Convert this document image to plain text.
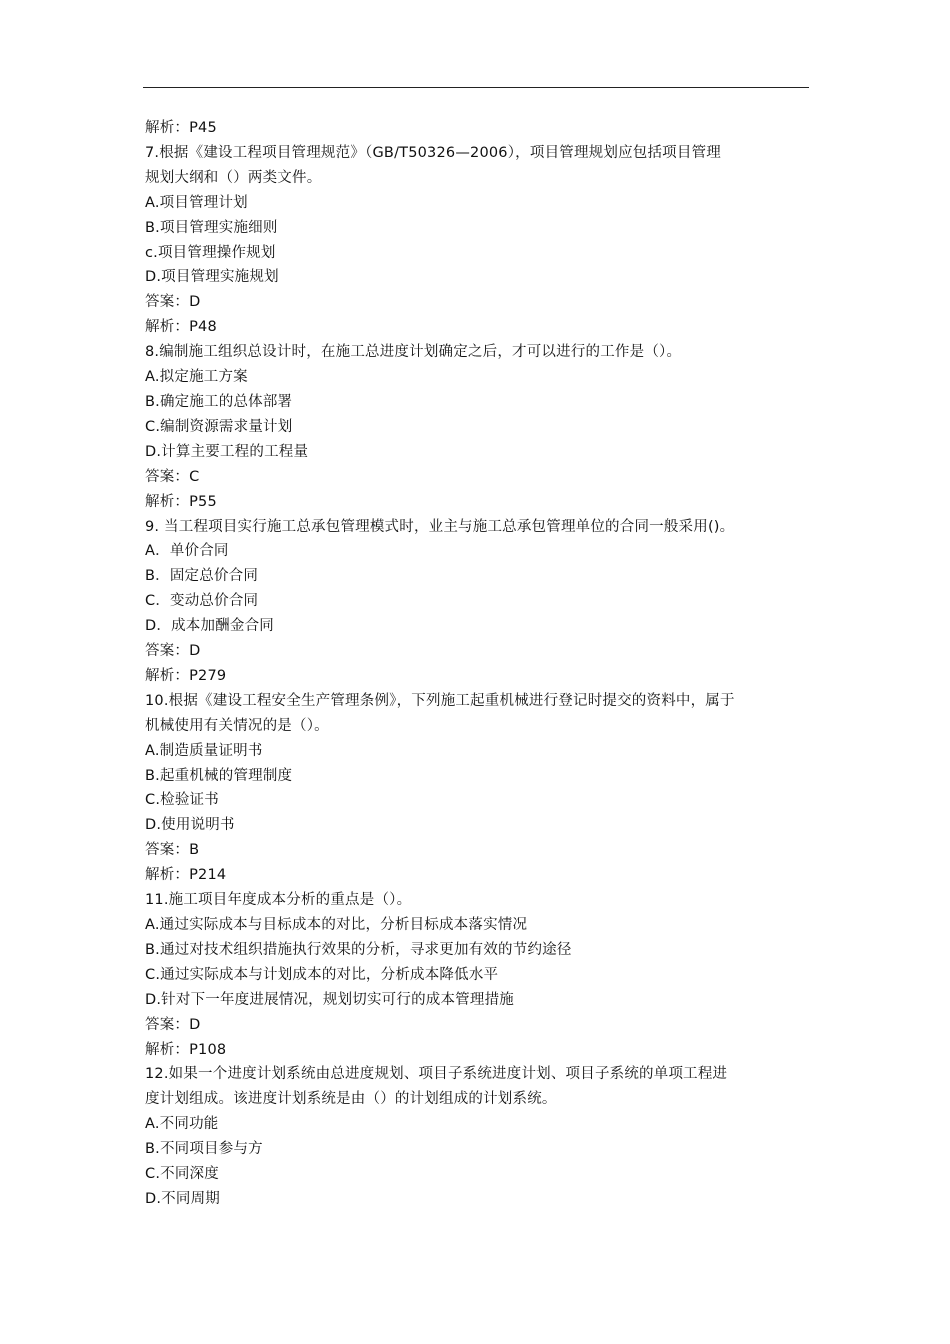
解析：P45

7.根据《建设工程项目管理规范》（GB/T50326—2006），项目管理规划应包括项目管理

规划大纲和（）两类文件。

A.项目管理计划

B.项目管理实施细则

c.项目管理操作规划

D.项目管理实施规划

答案：D

解析：P48

8.编制施工组织总设计时，在施工总进度计划确定之后，才可以进行的工作是（）。

A.拟定施工方案

B.确定施工的总体部署

C.编制资源需求量计划

D.计算主要工程的工程量

答案：C

解析：P55

9. 当工程项目实行施工总承包管理模式时，业主与施工总承包管理单位的合同一般采用()。

A．单价合同

B．固定总价合同

C．变动总价合同

D．成本加酬金合同

答案：D

解析：P279

10.根据《建设工程安全生产管理条例》，下列施工起重机械进行登记时提交的资料中，属于

机械使用有关情况的是（）。

A.制造质量证明书

B.起重机械的管理制度

C.检验证书

D.使用说明书

答案：B

解析：P214

11.施工项目年度成本分析的重点是（）。

A.通过实际成本与目标成本的对比，分析目标成本落实情况

B.通过对技术组织措施执行效果的分析，寻求更加有效的节约途径

C.通过实际成本与计划成本的对比，分析成本降低水平

D.针对下一年度进展情况，规划切实可行的成本管理措施

答案：D

解析：P108

12.如果一个进度计划系统由总进度规划、项目子系统进度计划、项目子系统的单项工程进

度计划组成。该进度计划系统是由（）的计划组成的计划系统。

A.不同功能

B.不同项目参与方

C.不同深度

D.不同周期
